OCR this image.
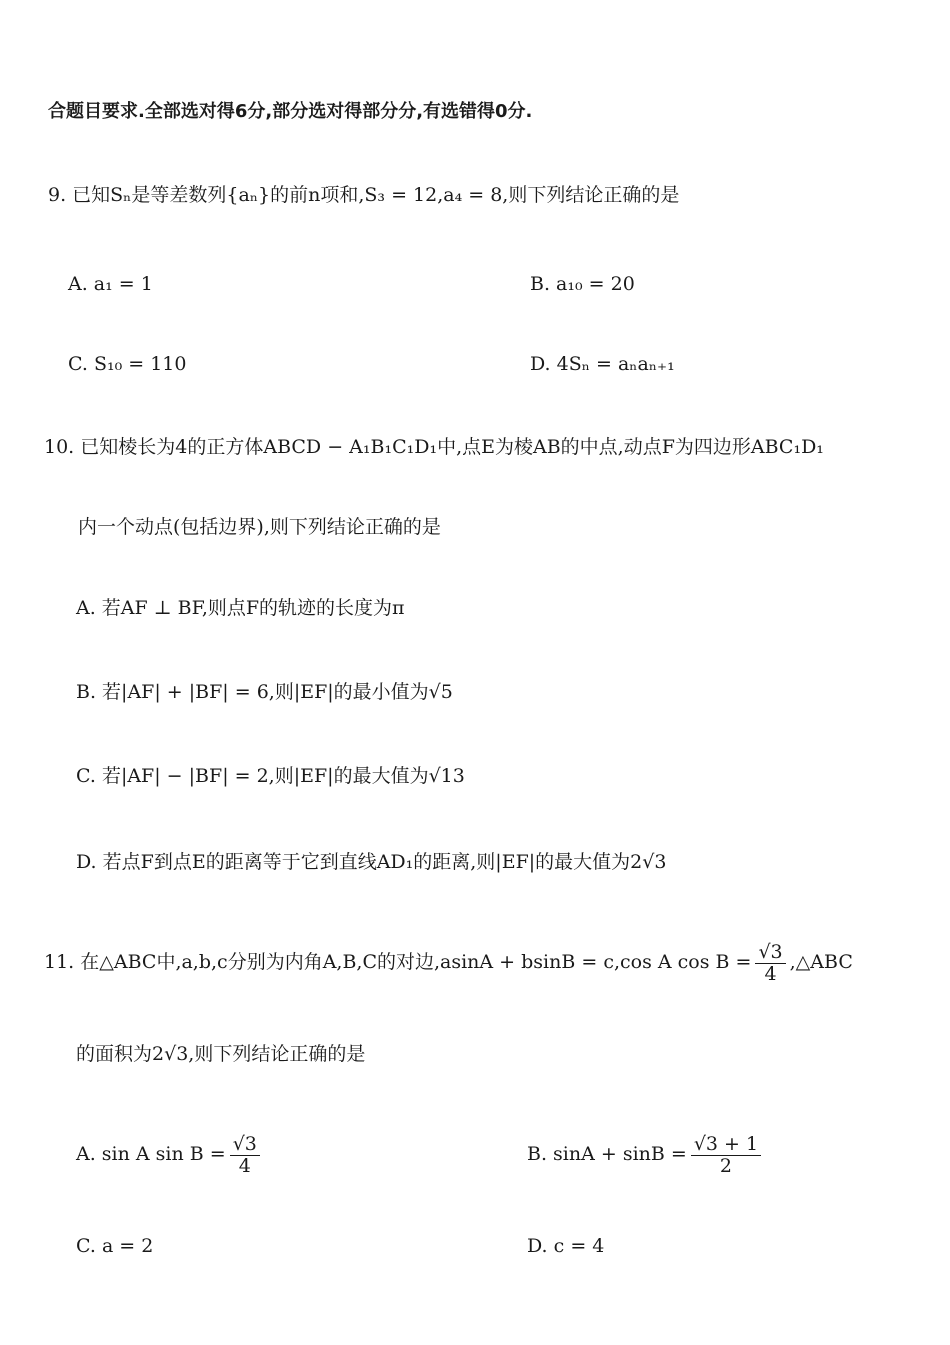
合题目要求.全部选对得6分,部分选对得部分分,有选错得0分.
9. 已知Sₙ是等差数列{aₙ}的前n项和,S₃ = 12,a₄ = 8,则下列结论正确的是
A. a₁ = 1	B. a₁₀ = 20
C. S₁₀ = 110	D. 4Sₙ = aₙaₙ₊₁
10. 已知棱长为4的正方体ABCD − A₁B₁C₁D₁中,点E为棱AB的中点,动点F为四边形ABC₁D₁
内一个动点(包括边界),则下列结论正确的是
A. 若AF ⊥ BF,则点F的轨迹的长度为π
B. 若|AF| + |BF| = 6,则|EF|的最小值为√5
C. 若|AF| − |BF| = 2,则|EF|的最大值为√13
D. 若点F到点E的距离等于它到直线AD₁的距离,则|EF|的最大值为2√3
11. 在△ABC中,a,b,c分别为内角A,B,C的对边,asinA + bsinB = c,cos A $\cos B = \frac{√3}{4}$ ,△ABC
的面积为2√3,则下列结论正确的是
A. sin A $\sin B = \frac{√3}{4}$	B. $\sin A + \sin B = \frac{√3 + 1}{2}$
C. a = 2	D. c = 4
